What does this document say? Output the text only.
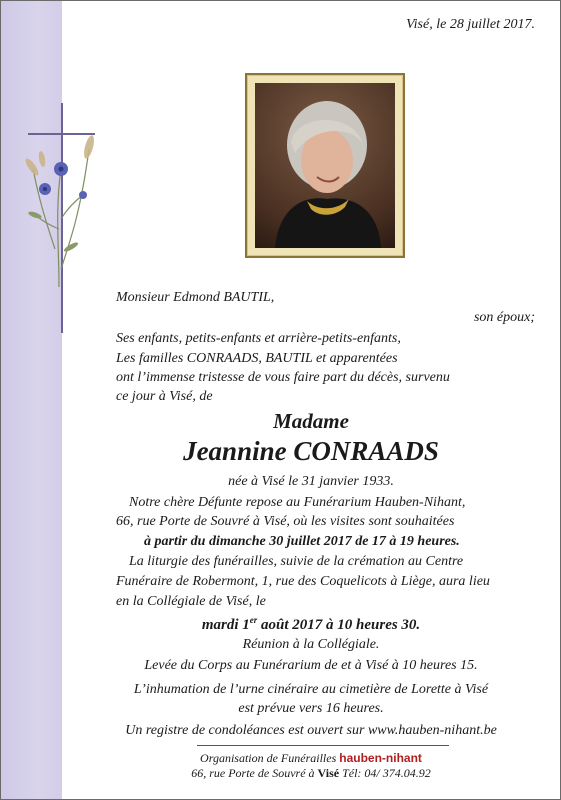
Visé, le 28 juillet 2017.
Monsieur Edmond BAUTIL,
son époux;
Ses enfants, petits-enfants et arrière-petits-enfants,
Les familles CONRAADS, BAUTIL et apparentées
ont l’immense tristesse de vous faire part du décès, survenu
ce jour à Visé, de
Madame
Jeannine CONRAADS
née à Visé le 31 janvier 1933.
Notre chère Défunte repose au Funérarium Hauben-Nihant,
66, rue Porte de Souvré à Visé, où les visites sont souhaitées
à partir du dimanche 30 juillet 2017 de 17 à 19 heures.
La liturgie des funérailles, suivie de la crémation au Centre
Funéraire de Robermont, 1, rue des Coquelicots à Liège, aura lieu
en la Collégiale de Visé, le
mardi 1er août 2017 à 10 heures 30.
Réunion à la Collégiale.
Levée du Corps au Funérarium de et à Visé à 10 heures 15.
L’inhumation de l’urne cinéraire au cimetière de Lorette à Visé
est prévue vers 16 heures.
Un registre de condoléances est ouvert sur www.hauben-nihant.be
Organisation de Funérailles hauben-nihant
66, rue Porte de Souvré à Visé Tél: 04/ 374.04.92
